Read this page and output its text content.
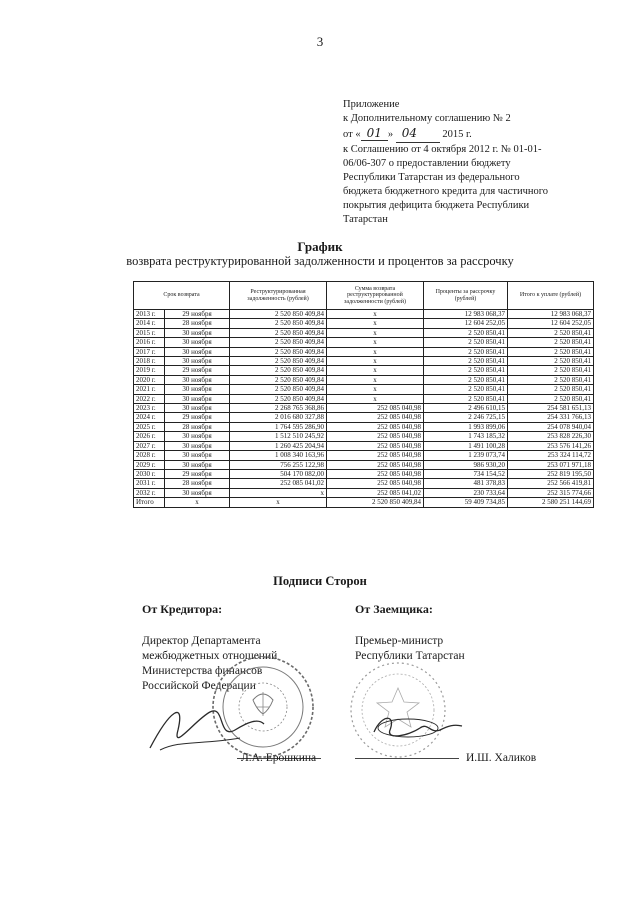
3
Приложение
к Дополнительному соглашению № 2
от « 01 » 04 2015 г.
к Соглашению от 4 октября 2012 г. № 01-01-
06/06-307 о предоставлении бюджету
Республики Татарстан из федерального
бюджета бюджетного кредита для частичного
покрытия дефицита бюджета Республики
Татарстан
График
возврата реструктурированной задолженности и процентов за рассрочку
Срок возврата		Реструктурированная задолженность (рублей)	Сумма возврата реструктурированной задолженности (рублей)	Проценты за рассрочку (рублей)	Итого к уплате (рублей)
2013 г.	29 ноября	2 520 850 409,84	х	12 983 068,37	12 983 068,37
2014 г.	28 ноября	2 520 850 409,84	х	12 604 252,05	12 604 252,05
2015 г.	30 ноября	2 520 850 409,84	х	2 520 850,41	2 520 850,41
2016 г.	30 ноября	2 520 850 409,84	х	2 520 850,41	2 520 850,41
2017 г.	30 ноября	2 520 850 409,84	х	2 520 850,41	2 520 850,41
2018 г.	30 ноября	2 520 850 409,84	х	2 520 850,41	2 520 850,41
2019 г.	29 ноября	2 520 850 409,84	х	2 520 850,41	2 520 850,41
2020 г.	30 ноября	2 520 850 409,84	х	2 520 850,41	2 520 850,41
2021 г.	30 ноября	2 520 850 409,84	х	2 520 850,41	2 520 850,41
2022 г.	30 ноября	2 520 850 409,84	х	2 520 850,41	2 520 850,41
2023 г.	30 ноября	2 268 765 368,86	252 085 040,98	2 496 610,15	254 581 651,13
2024 г.	29 ноября	2 016 680 327,88	252 085 040,98	2 246 725,15	254 331 766,13
2025 г.	28 ноября	1 764 595 286,90	252 085 040,98	1 993 899,06	254 078 940,04
2026 г.	30 ноября	1 512 510 245,92	252 085 040,98	1 743 185,32	253 828 226,30
2027 г.	30 ноября	1 260 425 204,94	252 085 040,98	1 491 100,28	253 576 141,26
2028 г.	30 ноября	1 008 340 163,96	252 085 040,98	1 239 073,74	253 324 114,72
2029 г.	30 ноября	756 255 122,98	252 085 040,98	986 930,20	253 071 971,18
2030 г.	29 ноября	504 170 082,00	252 085 040,98	734 154,52	252 819 195,50
2031 г.	28 ноября	252 085 041,02	252 085 040,98	481 378,83	252 566 419,81
2032 г.	30 ноября	х	252 085 041,02	230 733,64	252 315 774,66
Итого	х	х	2 520 850 409,84	59 409 734,85	2 580 251 144,69
Подписи Сторон
От Кредитора:	От Заемщика:
Директор Департамента
межбюджетных отношений
Министерства финансов
Российской Федерации
Премьер-министр
Республики Татарстан
Л.А. Ерошкина	И.Ш. Халиков
